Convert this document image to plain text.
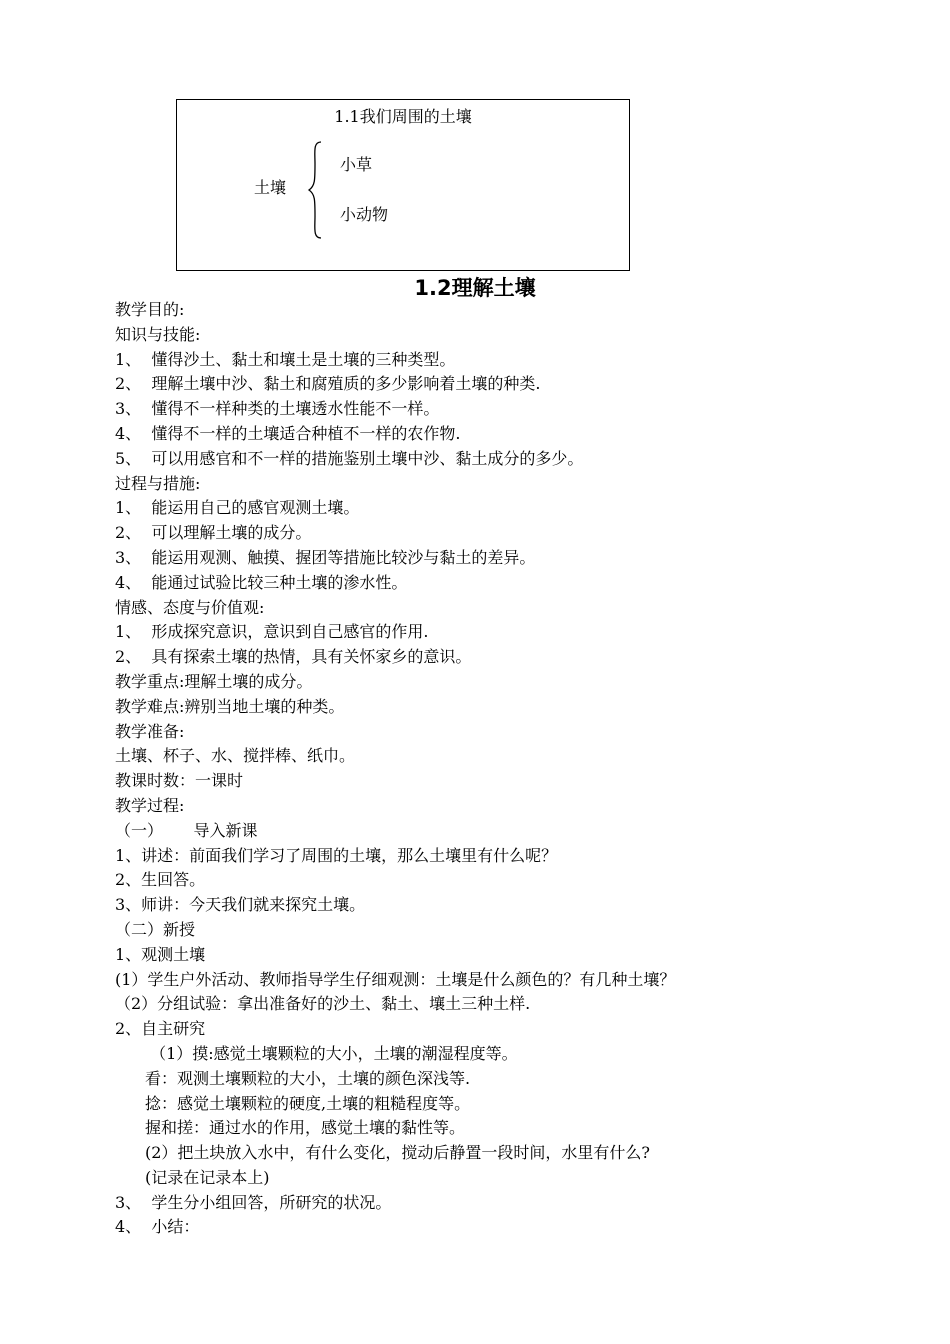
1.1我们周围的土壤
土壤
小草
小动物
1.2理解土壤
教学目的:
知识与技能:
1、  懂得沙土、黏土和壤土是土壤的三种类型。
2、  理解土壤中沙、黏土和腐殖质的多少影响着土壤的种类.
3、  懂得不一样种类的土壤透水性能不一样。
4、  懂得不一样的土壤适合种植不一样的农作物.
5、  可以用感官和不一样的措施鉴别土壤中沙、黏土成分的多少。
过程与措施:
1、  能运用自己的感官观测土壤。
2、  可以理解土壤的成分。
3、  能运用观测、触摸、握团等措施比较沙与黏土的差异。
4、  能通过试验比较三种土壤的渗水性。
情感、态度与价值观:
1、  形成探究意识，意识到自己感官的作用.
2、  具有探索土壤的热情，具有关怀家乡的意识。
教学重点:理解土壤的成分。
教学难点:辨别当地土壤的种类。
教学准备:
土壤、杯子、水、搅拌棒、纸巾。
教课时数：一课时
教学过程:
（一）      导入新课
1、讲述：前面我们学习了周围的土壤，那么土壤里有什么呢？
2、生回答。
3、师讲：今天我们就来探究土壤。
（二）新授
1、观测土壤
(1）学生户外活动、教师指导学生仔细观测：土壤是什么颜色的？有几种土壤？
（2）分组试验：拿出准备好的沙土、黏土、壤土三种土样.
2、自主研究
（1）摸:感觉土壤颗粒的大小，土壤的潮湿程度等。
看：观测土壤颗粒的大小，土壤的颜色深浅等.
捻：感觉土壤颗粒的硬度,土壤的粗糙程度等。
握和搓：通过水的作用，感觉土壤的黏性等。
(2）把土块放入水中，有什么变化，搅动后静置一段时间，水里有什么?
(记录在记录本上)
3、  学生分小组回答，所研究的状况。
4、  小结：
